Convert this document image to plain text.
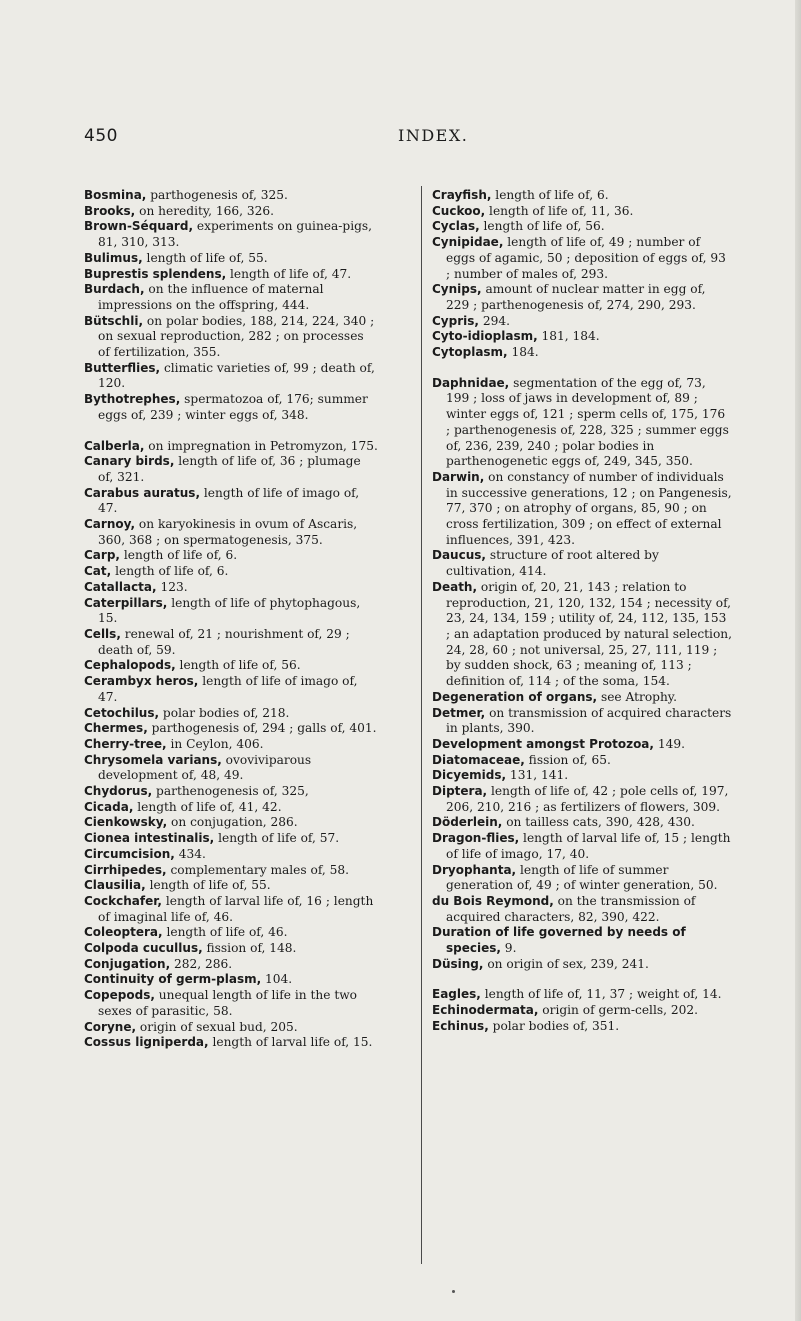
450	INDEX.

Bosmina, parthogenesis of, 325.

Brooks, on heredity, 166, 326.

Brown-Séquard, experiments on guinea-pigs, 81, 310, 313.

Bulimus, length of life of, 55.

Buprestis splendens, length of life of, 47.

Burdach, on the influence of maternal impressions on the offspring, 444.

Bütschli, on polar bodies, 188, 214, 224, 340 ; on sexual reproduction, 282 ; on processes of fertilization, 355.

Butterflies, climatic varieties of, 99 ; death of, 120.

Bythotrephes, spermatozoa of, 176; summer eggs of, 239 ; winter eggs of, 348.

Calberla, on impregnation in Petromyzon, 175.

Canary birds, length of life of, 36 ; plumage of, 321.

Carabus auratus, length of life of imago of, 47.

Carnoy, on karyokinesis in ovum of Ascaris, 360, 368 ; on spermatogenesis, 375.

Carp, length of life of, 6.

Cat, length of life of, 6.

Catallacta, 123.

Caterpillars, length of life of phytophagous, 15.

Cells, renewal of, 21 ; nourishment of, 29 ; death of, 59.

Cephalopods, length of life of, 56.

Cerambyx heros, length of life of imago of, 47.

Cetochilus, polar bodies of, 218.

Chermes, parthogenesis of, 294 ; galls of, 401.

Cherry-tree, in Ceylon, 406.

Chrysomela varians, ovoviviparous development of, 48, 49.

Chydorus, parthenogenesis of, 325,

Cicada, length of life of, 41, 42.

Cienkowsky, on conjugation, 286.

Cionea intestinalis, length of life of, 57.

Circumcision, 434.

Cirrhipedes, complementary males of, 58.

Clausilia, length of life of, 55.

Cockchafer, length of larval life of, 16 ; length of imaginal life of, 46.

Coleoptera, length of life of, 46.

Colpoda cucullus, fission of, 148.

Conjugation, 282, 286.

Continuity of germ-plasm, 104.

Copepods, unequal length of life in the two sexes of parasitic, 58.

Coryne, origin of sexual bud, 205.

Cossus ligniperda, length of larval life of, 15.

Crayfish, length of life of, 6.

Cuckoo, length of life of, 11, 36.

Cyclas, length of life of, 56.

Cynipidae, length of life of, 49 ; number of eggs of agamic, 50 ; deposition of eggs of, 93 ; number of males of, 293.

Cynips, amount of nuclear matter in egg of, 229 ; parthenogenesis of, 274, 290, 293.

Cypris, 294.

Cyto-idioplasm, 181, 184.

Cytoplasm, 184.

Daphnidae, segmentation of the egg of, 73, 199 ; loss of jaws in development of, 89 ; winter eggs of, 121 ; sperm cells of, 175, 176 ; parthenogenesis of, 228, 325 ; summer eggs of, 236, 239, 240 ; polar bodies in parthenogenetic eggs of, 249, 345, 350.

Darwin, on constancy of number of individuals in successive generations, 12 ; on Pangenesis, 77, 370 ; on atrophy of organs, 85, 90 ; on cross fertilization, 309 ; on effect of external influences, 391, 423.

Daucus, structure of root altered by cultivation, 414.

Death, origin of, 20, 21, 143 ; relation to reproduction, 21, 120, 132, 154 ; necessity of, 23, 24, 134, 159 ; utility of, 24, 112, 135, 153 ; an adaptation produced by natural selection, 24, 28, 60 ; not universal, 25, 27, 111, 119 ; by sudden shock, 63 ; meaning of, 113 ; definition of, 114 ; of the soma, 154.

Degeneration of organs, see Atrophy.

Detmer, on transmission of acquired characters in plants, 390.

Development amongst Protozoa, 149.

Diatomaceae, fission of, 65.

Dicyemids, 131, 141.

Diptera, length of life of, 42 ; pole cells of, 197, 206, 210, 216 ; as fertilizers of flowers, 309.

Döderlein, on tailless cats, 390, 428, 430.

Dragon-flies, length of larval life of, 15 ; length of life of imago, 17, 40.

Dryophanta, length of life of summer generation of, 49 ; of winter generation, 50.

du Bois Reymond, on the transmission of acquired characters, 82, 390, 422.

Duration of life governed by needs of species, 9.

Düsing, on origin of sex, 239, 241.

Eagles, length of life of, 11, 37 ; weight of, 14.

Echinodermata, origin of germ-cells, 202.

Echinus, polar bodies of, 351.
